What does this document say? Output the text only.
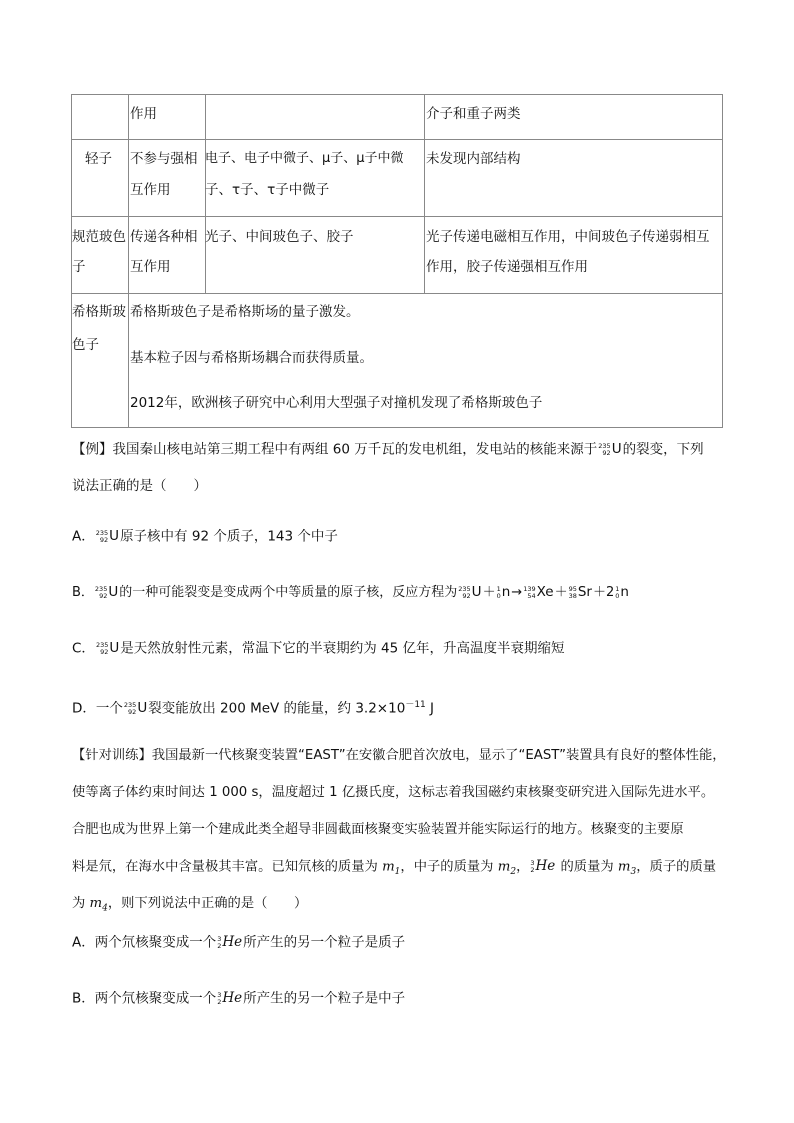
作用	介子和重子两类
轻子 不参与强相
互作用
电子、电子中微子、μ子、μ子中微
子、τ子、τ子中微子
未发现内部结构
规范玻色
子
传递各种相
互作用
光子、中间玻色子、胶子	光子传递电磁相互作用，中间玻色子传递弱相互
作用，胶子传递强相互作用
希格斯玻
色子
希格斯玻色子是希格斯场的量子激发。
基本粒子因与希格斯场耦合而获得质量。
2012年，欧洲核子研究中心利用大型强子对撞机发现了希格斯玻色子
【例】我国秦山核电站第三期工程中有两组 60 万千瓦的发电机组，发电站的核能来源于 235
92 U 的裂变，下列
说法正确的是（　　）
A． 235
92 U 原子核中有 92 个质子，143 个中子
B． 235
92 U 的一种可能裂变是变成两个中等质量的原子核，反应方程为 235
92 U ＋ 1
0 n → 139
54 Xe ＋ 95
38 Sr ＋2 1
0 n
C． 235
92 U 是天然放射性元素，常温下它的半衰期约为 45 亿年，升高温度半衰期缩短
D．一个 235
92 U 裂变能放出 200 MeV 的能量，约 $3.2\times 10^{-11}$ J
【针对训练】我国最新一代核聚变装置“EAST”在安徽合肥首次放电，显示了“EAST”装置具有良好的整体性能，
使等离子体约束时间达 1 000 s，温度超过 1 亿摄氏度，这标志着我国磁约束核聚变研究进入国际先进水平。
合肥也成为世界上第一个建成此类全超导非圆截面核聚变实验装置并能实际运行的地方。核聚变的主要原
料是氘，在海水中含量极其丰富。已知氘核的质量为 $m_1$，中子的质量为 $m_2$， 3
2 He 的质量为 $m_3$，质子的质量
为 $m_4$，则下列说法中正确的是（　　）
A．两个氘核聚变成一个 3
2 He 所产生的另一个粒子是质子
B．两个氘核聚变成一个 3
2 He 所产生的另一个粒子是中子
